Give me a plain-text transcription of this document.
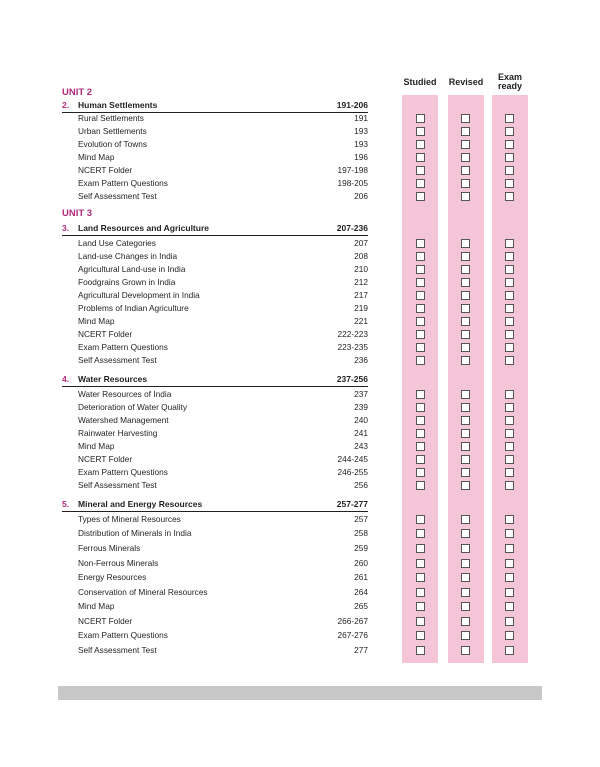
Studied	Revised	Exam
ready
UNIT 2
UNIT 3
2. Human Settlements	191-206
Rural Settlements	191
Urban Settlements	193
Evolution of Towns	193
Mind Map	196
NCERT Folder	197-198
Exam Pattern Questions	198-205
Self Assessment Test	206
3. Land Resources and Agriculture	207-236
Land Use Categories	207
Land-use Changes in India	208
Agricultural Land-use in India	210
Foodgrains Grown in India	212
Agricultural Development in India	217
Problems of Indian Agriculture	219
Mind Map	221
NCERT Folder	222-223
Exam Pattern Questions	223-235
Self Assessment Test	236
4. Water Resources	237-256
Water Resources of India	237
Deterioration of Water Quality	239
Watershed Management	240
Rainwater Harvesting	241
Mind Map	243
NCERT Folder	244-245
Exam Pattern Questions	246-255
Self Assessment Test	256
5. Mineral and Energy Resources	257-277
Types of Mineral Resources	257
Distribution of Minerals in India	258
Ferrous Minerals	259
Non-Ferrous Minerals	260
Energy Resources	261
Conservation of Mineral Resources	264
Mind Map	265
NCERT Folder	266-267
Exam Pattern Questions	267-276
Self Assessment Test	277
